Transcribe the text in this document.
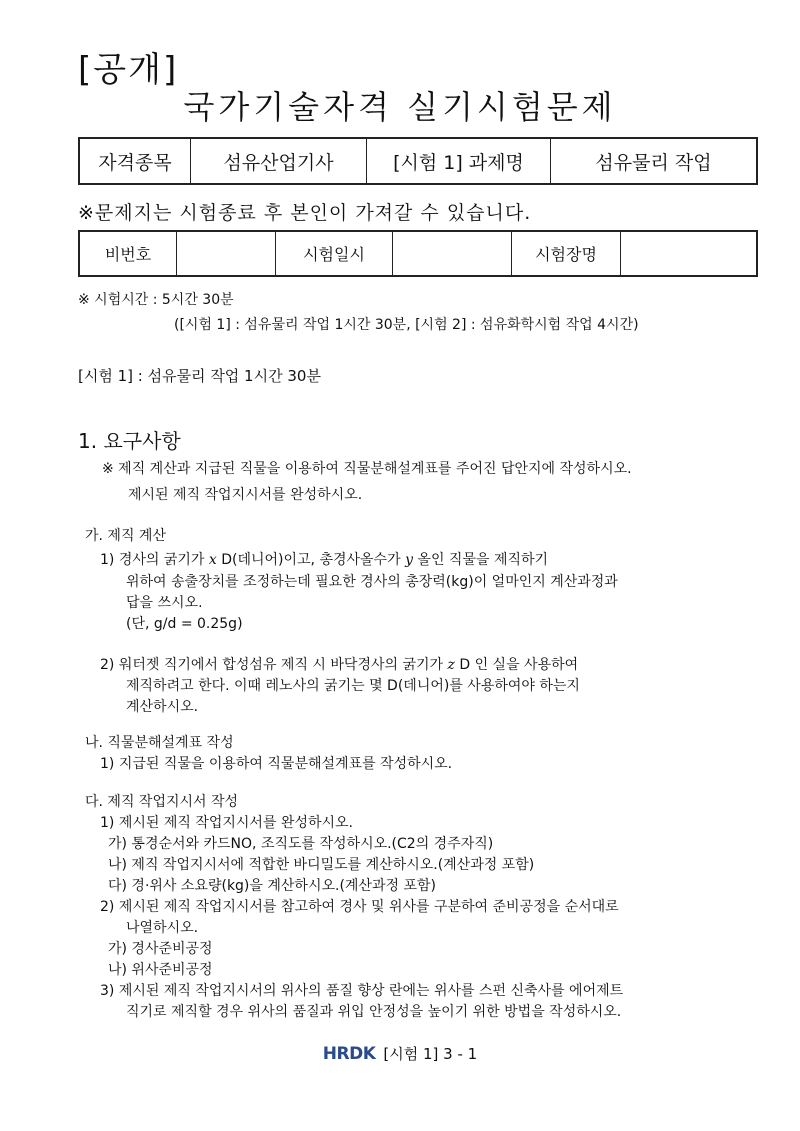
[공개]
국가기술자격 실기시험문제
자격종목	섬유산업기사	[시험 1] 과제명	섬유물리 작업
※문제지는 시험종료 후 본인이 가져갈 수 있습니다.
비번호		시험일시		시험장명	
※ 시험시간 : 5시간 30분
([시험 1] : 섬유물리 작업 1시간 30분, [시험 2] : 섬유화학시험 작업 4시간)
[시험 1] : 섬유물리 작업 1시간 30분
1. 요구사항
※ 제직 계산과 지급된 직물을 이용하여 직물분해설계표를 주어진 답안지에 작성하시오.
제시된 제직 작업지시서를 완성하시오.
가. 제직 계산
1) 경사의 굵기가 x D(데니어)이고, 총경사올수가 y 올인 직물을 제직하기
위하여 송출장치를 조정하는데 필요한 경사의 총장력(kg)이 얼마인지 계산과정과
답을 쓰시오.
(단, g/d = 0.25g)
2) 워터젯 직기에서 합성섬유 제직 시 바닥경사의 굵기가 z D 인 실을 사용하여
제직하려고 한다. 이때 레노사의 굵기는 몇 D(데니어)를 사용하여야 하는지
계산하시오.
나. 직물분해설계표 작성
1) 지급된 직물을 이용하여 직물분해설계표를 작성하시오.
다. 제직 작업지시서 작성
1) 제시된 제직 작업지시서를 완성하시오.
가) 통경순서와 카드NO, 조직도를 작성하시오.(C2의 경주자직)
나) 제직 작업지시서에 적합한 바디밀도를 계산하시오.(계산과정 포함)
다) 경·위사 소요량(kg)을 계산하시오.(계산과정 포함)
2) 제시된 제직 작업지시서를 참고하여 경사 및 위사를 구분하여 준비공정을 순서대로
나열하시오.
가) 경사준비공정
나) 위사준비공정
3) 제시된 제직 작업지시서의 위사의 품질 향상 란에는 위사를 스펀 신축사를 에어제트
직기로 제직할 경우 위사의 품질과 위입 안정성을 높이기 위한 방법을 작성하시오.
HRDK [시험 1] 3 - 1
